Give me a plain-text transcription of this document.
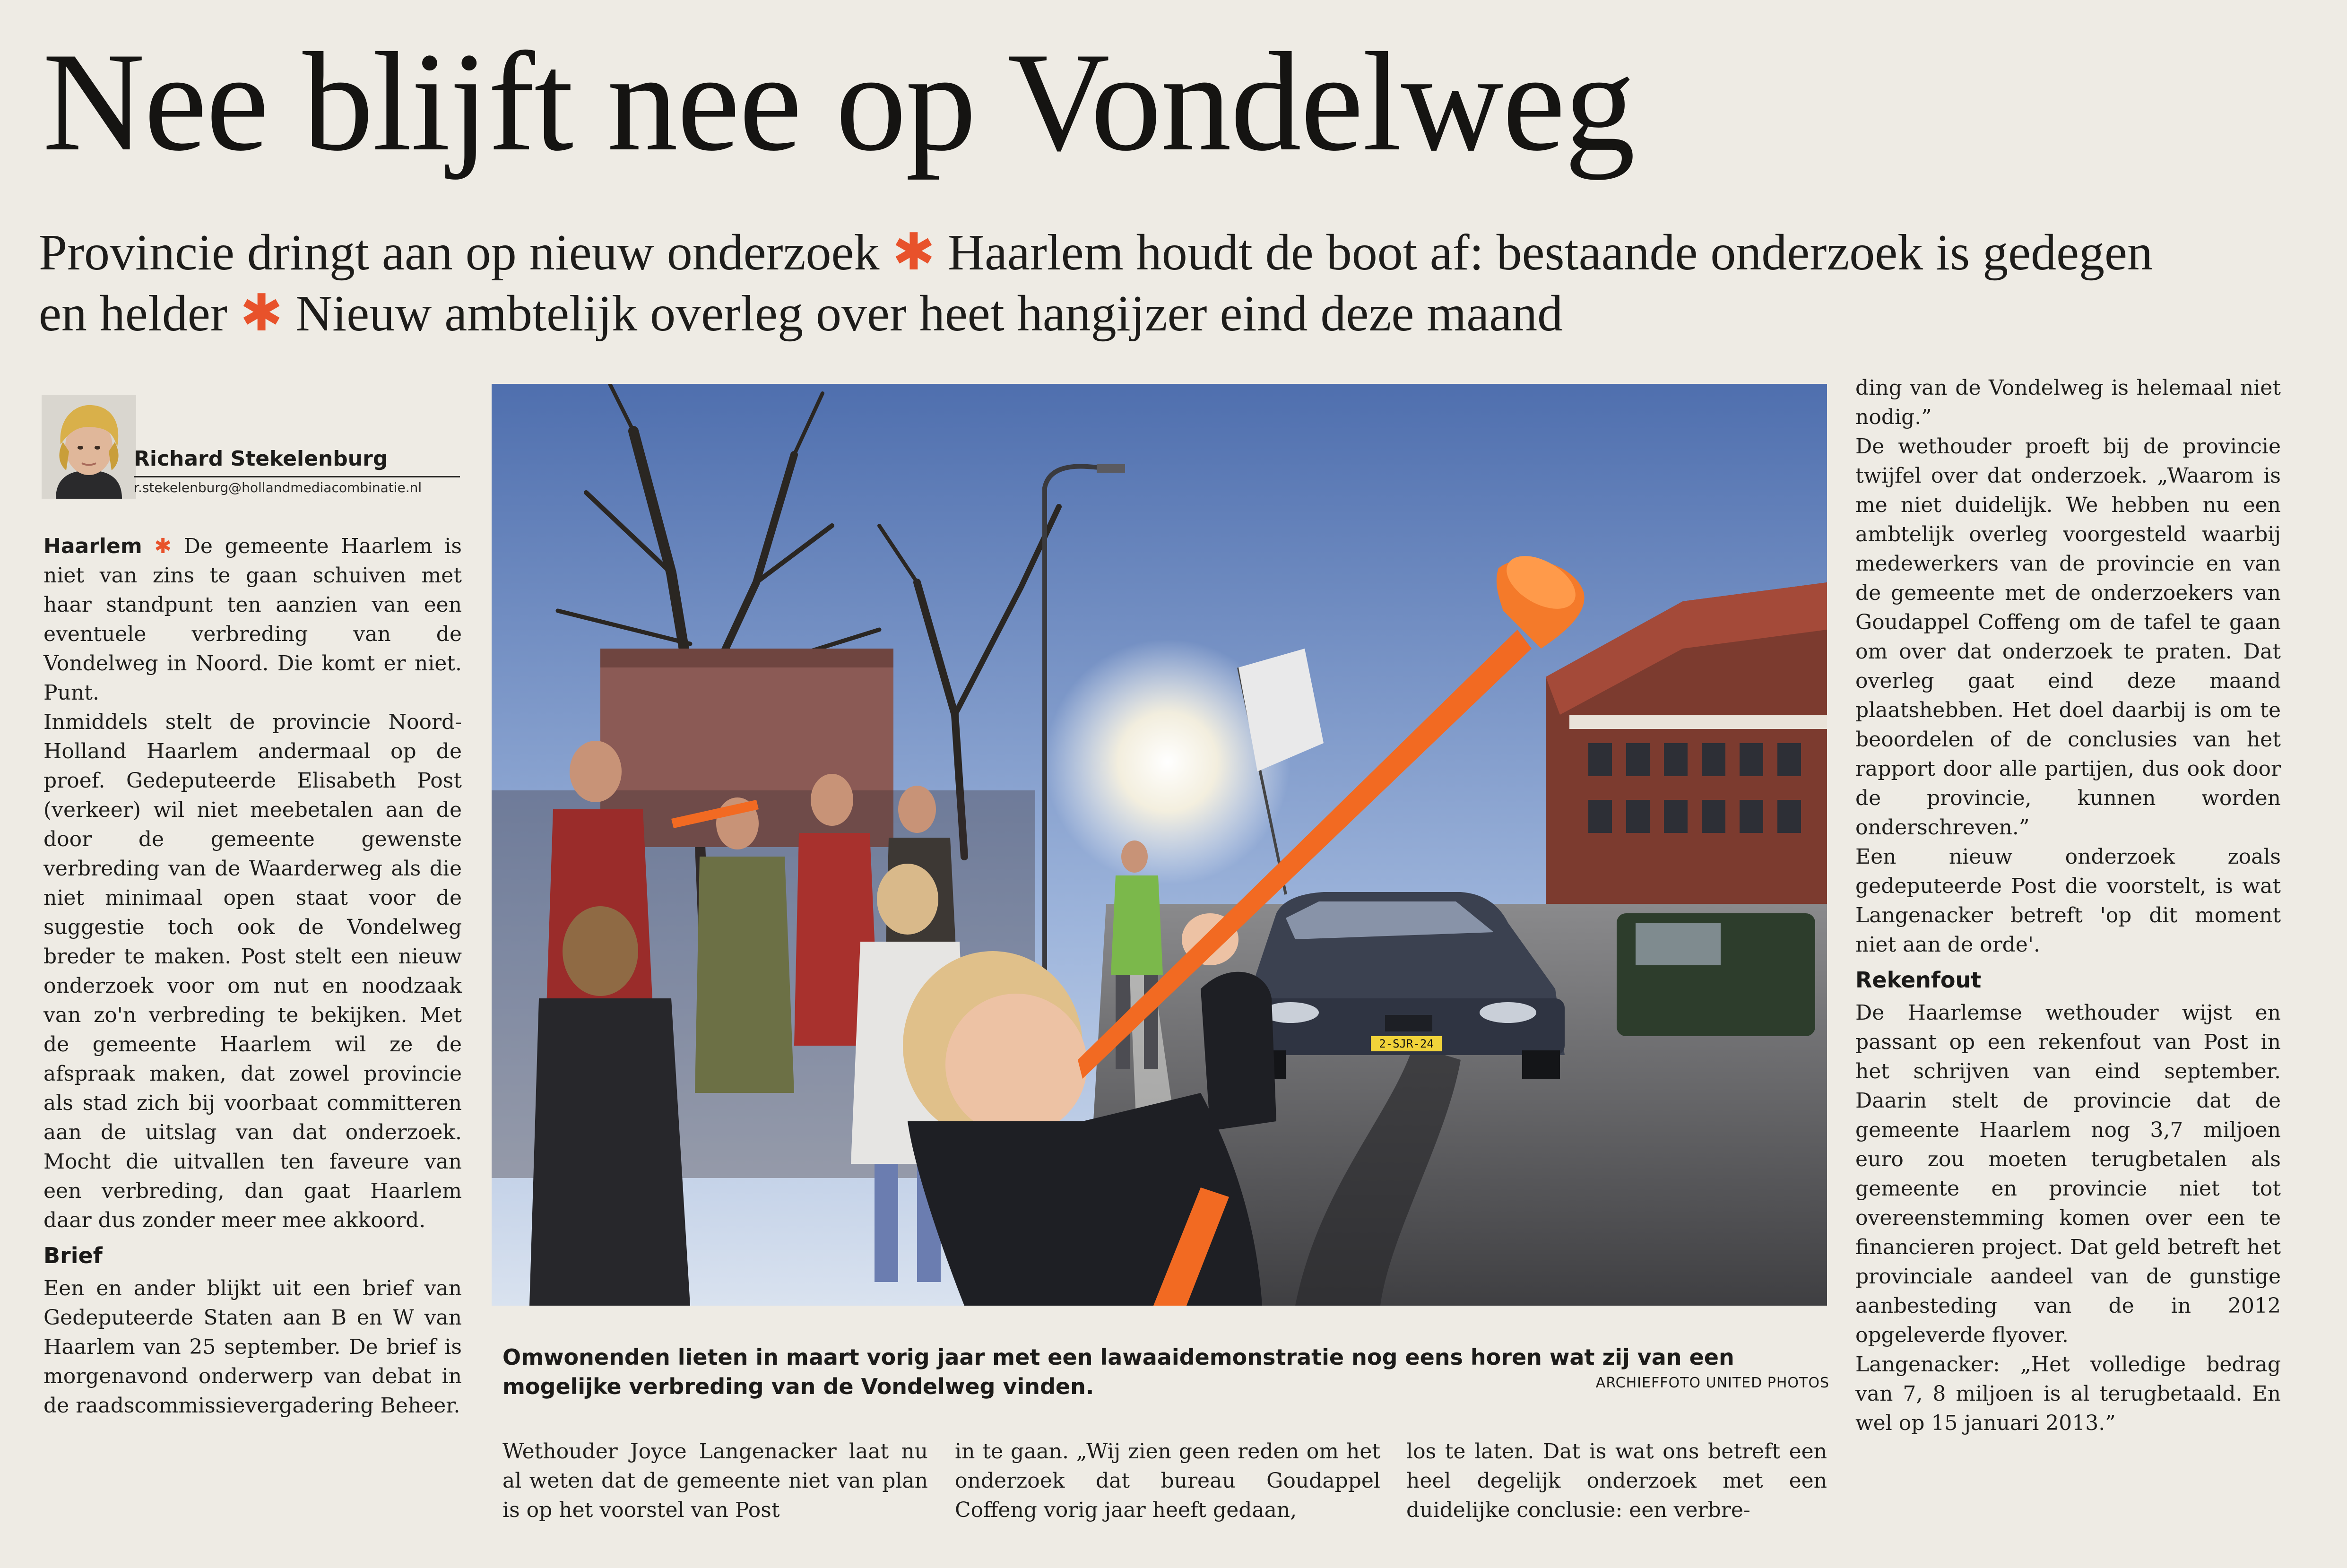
Nee blijft nee op Vondelweg
Provincie dringt aan op nieuw onderzoek ✱ Haarlem houdt de boot af: bestaande onderzoek is gedegen en helder ✱ Nieuw ambtelijk overleg over heet hangijzer eind deze maand
Richard Stekelenburg
r.stekelenburg@hollandmediacombinatie.nl

Haarlem ✱ De gemeente Haarlem is niet van zins te gaan schuiven met haar standpunt ten aanzien van een eventuele verbreding van de Vondelweg in Noord. Die komt er niet. Punt.

Inmiddels stelt de provincie Noord-Holland Haarlem andermaal op de proef. Gedeputeerde Elisabeth Post (verkeer) wil niet meebetalen aan de door de gemeente gewenste verbreding van de Waarderweg als die niet minimaal open staat voor de suggestie toch ook de Vondelweg breder te maken. Post stelt een nieuw onderzoek voor om nut en noodzaak van zo'n verbreding te bekijken. Met de gemeente Haarlem wil ze de afspraak maken, dat zowel provincie als stad zich bij voorbaat committeren aan de uitslag van dat onderzoek. Mocht die uitvallen ten faveure van een verbreding, dan gaat Haarlem daar dus zonder meer mee akkoord.

Brief

Een en ander blijkt uit een brief van Gedeputeerde Staten aan B en W van Haarlem van 25 september. De brief is morgenavond onderwerp van debat in de raadscommissievergadering Beheer.

2-SJR-24
Omwonenden lieten in maart vorig jaar met een lawaaidemonstratie nog eens horen wat zij van een mogelijke verbreding van de Vondelweg vinden.	ARCHIEFFOTO UNITED PHOTOS

Wethouder Joyce Langenacker laat nu al weten dat de gemeente niet van plan is op het voorstel van Post

in te gaan. „Wij zien geen reden om het onderzoek dat bureau Goudappel Coffeng vorig jaar heeft gedaan,

los te laten. Dat is wat ons betreft een heel degelijk onderzoek met een duidelijke conclusie: een verbre-

ding van de Vondelweg is helemaal niet nodig.”

De wethouder proeft bij de provincie twijfel over dat onderzoek. „Waarom is me niet duidelijk. We hebben nu een ambtelijk overleg voorgesteld waarbij medewerkers van de provincie en van de gemeente met de onderzoekers van Goudappel Coffeng om de tafel te gaan om over dat onderzoek te praten. Dat overleg gaat eind deze maand plaatshebben. Het doel daarbij is om te beoordelen of de conclusies van het rapport door alle partijen, dus ook door de provincie, kunnen worden onderschreven.”

Een nieuw onderzoek zoals gedeputeerde Post die voorstelt, is wat Langenacker betreft 'op dit moment niet aan de orde'.

Rekenfout

De Haarlemse wethouder wijst en passant op een rekenfout van Post in het schrijven van eind september. Daarin stelt de provincie dat de gemeente Haarlem nog 3,7 miljoen euro zou moeten terugbetalen als gemeente en provincie niet tot overeenstemming komen over een te financieren project. Dat geld betreft het provinciale aandeel van de gunstige aanbesteding van de in 2012 opgeleverde flyover.

Langenacker: „Het volledige bedrag van 7, 8 miljoen is al terugbetaald. En wel op 15 januari 2013.”
